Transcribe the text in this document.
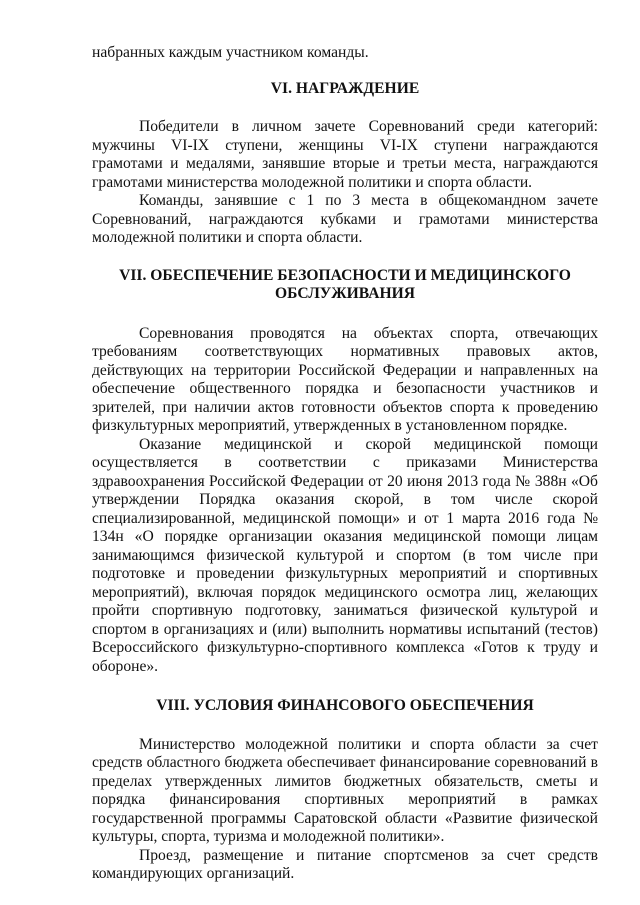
набранных каждым участником команды.

VI. НАГРАЖДЕНИЕ

Победители в личном зачете Соревнований среди категорий: мужчины VI-IX ступени, женщины VI-IX ступени награждаются грамотами и медалями, занявшие вторые и третьи места, награждаются грамотами министерства молодежной политики и спорта области.

Команды, занявшие с 1 по 3 места в общекомандном зачете Соревнований, награждаются кубками и грамотами министерства молодежной политики и спорта области.

VII. ОБЕСПЕЧЕНИЕ БЕЗОПАСНОСТИ И МЕДИЦИНСКОГО ОБСЛУЖИВАНИЯ

Соревнования проводятся на объектах спорта, отвечающих требованиям соответствующих нормативных правовых актов, действующих на территории Российской Федерации и направленных на обеспечение общественного порядка и безопасности участников и зрителей, при наличии актов готовности объектов спорта к проведению физкультурных мероприятий, утвержденных в установленном порядке.

Оказание медицинской и скорой медицинской помощи осуществляется в соответствии с приказами Министерства здравоохранения Российской Федерации от 20 июня 2013 года № 388н «Об утверждении Порядка оказания скорой, в том числе скорой специализированной, медицинской помощи» и от 1 марта 2016 года № 134н «О порядке организации оказания медицинской помощи лицам занимающимся физической культурой и спортом (в том числе при подготовке и проведении физкультурных мероприятий и спортивных мероприятий), включая порядок медицинского осмотра лиц, желающих пройти спортивную подготовку, заниматься физической культурой и спортом в организациях и (или) выполнить нормативы испытаний (тестов) Всероссийского физкультурно-спортивного комплекса «Готов к труду и обороне».

VIII. УСЛОВИЯ ФИНАНСОВОГО ОБЕСПЕЧЕНИЯ

Министерство молодежной политики и спорта области за счет средств областного бюджета обеспечивает финансирование соревнований в пределах утвержденных лимитов бюджетных обязательств, сметы и порядка финансирования спортивных мероприятий в рамках государственной программы Саратовской области «Развитие физической культуры, спорта, туризма и молодежной политики».

Проезд, размещение и питание спортсменов за счет средств командирующих организаций.
